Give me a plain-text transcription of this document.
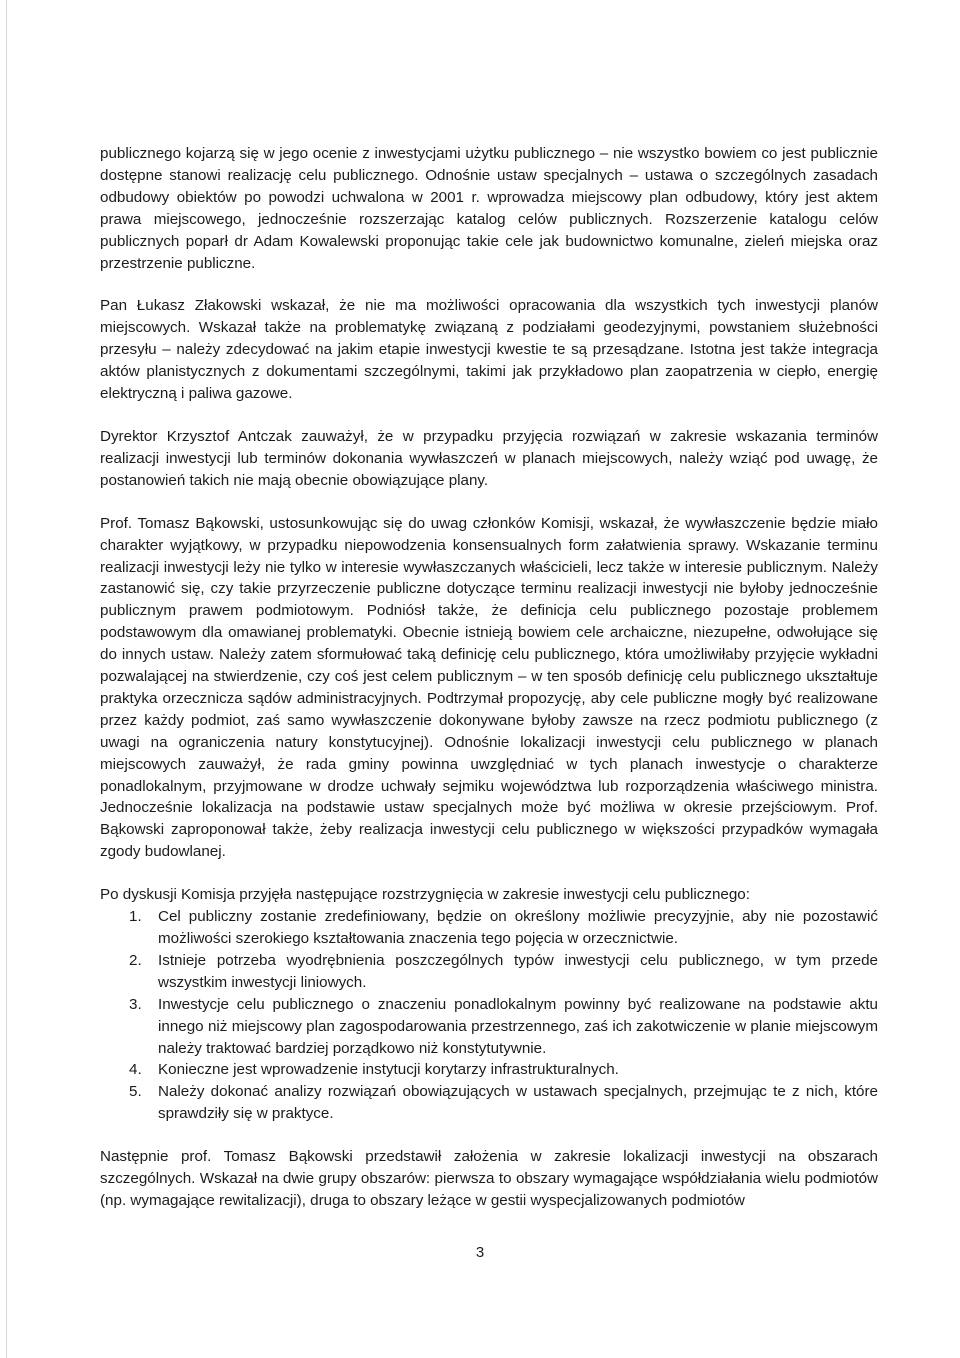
publicznego kojarzą się w jego ocenie z inwestycjami użytku publicznego – nie wszystko bowiem co jest publicznie dostępne stanowi realizację celu publicznego. Odnośnie ustaw specjalnych – ustawa o szczególnych zasadach odbudowy obiektów po powodzi uchwalona w 2001 r. wprowadza miejscowy plan odbudowy, który jest aktem prawa miejscowego, jednocześnie rozszerzając katalog celów publicznych. Rozszerzenie katalogu celów publicznych poparł dr Adam Kowalewski proponując takie cele jak budownictwo komunalne, zieleń miejska oraz przestrzenie publiczne.

Pan Łukasz Złakowski wskazał, że nie ma możliwości opracowania dla wszystkich tych inwestycji planów miejscowych. Wskazał także na problematykę związaną z podziałami geodezyjnymi, powstaniem służebności przesyłu – należy zdecydować na jakim etapie inwestycji kwestie te są przesądzane. Istotna jest także integracja aktów planistycznych z dokumentami szczególnymi, takimi jak przykładowo plan zaopatrzenia w ciepło, energię elektryczną i paliwa gazowe.

Dyrektor Krzysztof Antczak zauważył, że w przypadku przyjęcia rozwiązań w zakresie wskazania terminów realizacji inwestycji lub terminów dokonania wywłaszczeń w planach miejscowych, należy wziąć pod uwagę, że postanowień takich nie mają obecnie obowiązujące plany.

Prof. Tomasz Bąkowski, ustosunkowując się do uwag członków Komisji, wskazał, że wywłaszczenie będzie miało charakter wyjątkowy, w przypadku niepowodzenia konsensualnych form załatwienia sprawy. Wskazanie terminu realizacji inwestycji leży nie tylko w interesie wywłaszczanych właścicieli, lecz także w interesie publicznym. Należy zastanowić się, czy takie przyrzeczenie publiczne dotyczące terminu realizacji inwestycji nie byłoby jednocześnie publicznym prawem podmiotowym. Podniósł także, że definicja celu publicznego pozostaje problemem podstawowym dla omawianej problematyki. Obecnie istnieją bowiem cele archaiczne, niezupełne, odwołujące się do innych ustaw. Należy zatem sformułować taką definicję celu publicznego, która umożliwiłaby przyjęcie wykładni pozwalającej na stwierdzenie, czy coś jest celem publicznym – w ten sposób definicję celu publicznego ukształtuje praktyka orzecznicza sądów administracyjnych. Podtrzymał propozycję, aby cele publiczne mogły być realizowane przez każdy podmiot, zaś samo wywłaszczenie dokonywane byłoby zawsze na rzecz podmiotu publicznego (z uwagi na ograniczenia natury konstytucyjnej). Odnośnie lokalizacji inwestycji celu publicznego w planach miejscowych zauważył, że rada gminy powinna uwzględniać w tych planach inwestycje o charakterze ponadlokalnym, przyjmowane w drodze uchwały sejmiku województwa lub rozporządzenia właściwego ministra. Jednocześnie lokalizacja na podstawie ustaw specjalnych może być możliwa w okresie przejściowym. Prof. Bąkowski zaproponował także, żeby realizacja inwestycji celu publicznego w większości przypadków wymagała zgody budowlanej.

Po dyskusji Komisja przyjęła następujące rozstrzygnięcia w zakresie inwestycji celu publicznego:

1. Cel publiczny zostanie zredefiniowany, będzie on określony możliwie precyzyjnie, aby nie pozostawić możliwości szerokiego kształtowania znaczenia tego pojęcia w orzecznictwie.
2. Istnieje potrzeba wyodrębnienia poszczególnych typów inwestycji celu publicznego, w tym przede wszystkim inwestycji liniowych.
3. Inwestycje celu publicznego o znaczeniu ponadlokalnym powinny być realizowane na podstawie aktu innego niż miejscowy plan zagospodarowania przestrzennego, zaś ich zakotwiczenie w planie miejscowym należy traktować bardziej porządkowo niż konstytutywnie.
4. Konieczne jest wprowadzenie instytucji korytarzy infrastrukturalnych.
5. Należy dokonać analizy rozwiązań obowiązujących w ustawach specjalnych, przejmując te z nich, które sprawdziły się w praktyce.

Następnie prof. Tomasz Bąkowski przedstawił założenia w zakresie lokalizacji inwestycji na obszarach szczególnych. Wskazał na dwie grupy obszarów: pierwsza to obszary wymagające współdziałania wielu podmiotów (np. wymagające rewitalizacji), druga to obszary leżące w gestii wyspecjalizowanych podmiotów

3
